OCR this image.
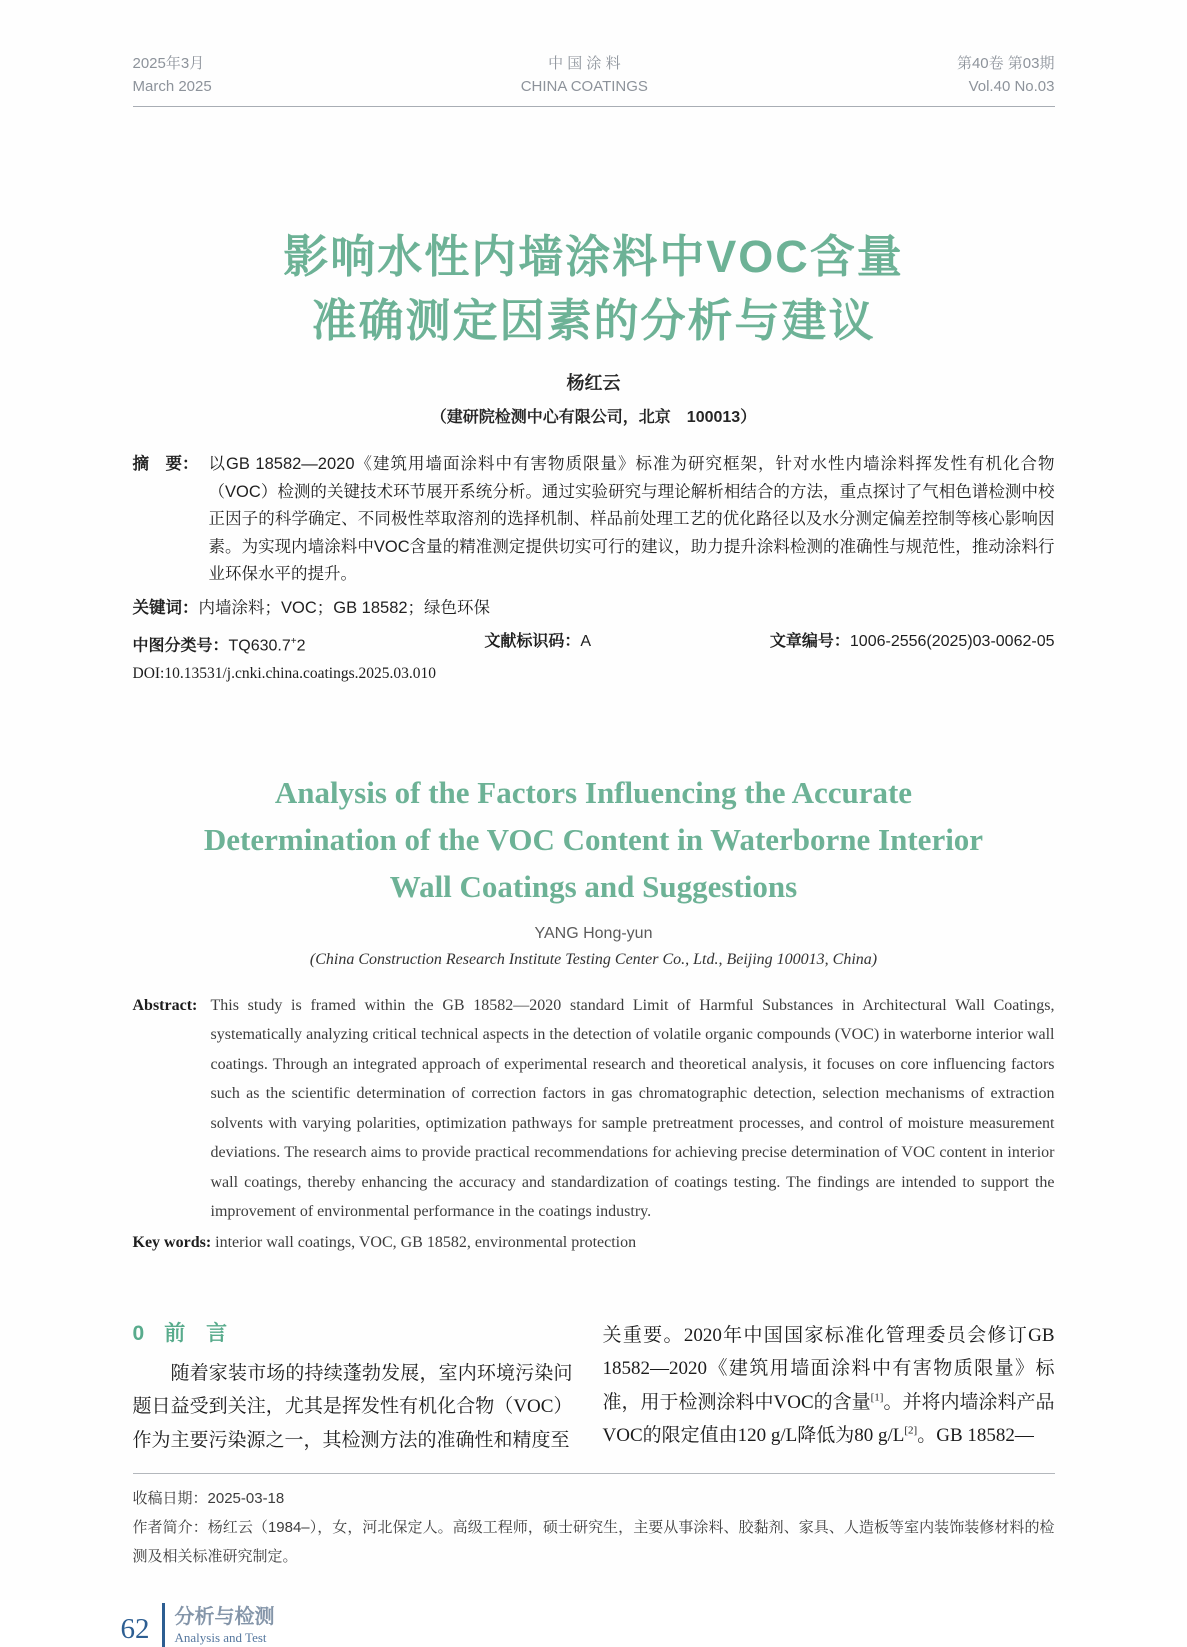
2025年3月
March 2025
中 国 涂 料
CHINA COATINGS
第40卷 第03期
Vol.40 No.03
影响水性内墙涂料中VOC含量
准确测定因素的分析与建议
杨红云
（建研院检测中心有限公司，北京　100013）
摘　要： 以GB 18582—2020《建筑用墙面涂料中有害物质限量》标准为研究框架，针对水性内墙涂料挥发性有机化合物（VOC）检测的关键技术环节展开系统分析。通过实验研究与理论解析相结合的方法，重点探讨了气相色谱检测中校正因子的科学确定、不同极性萃取溶剂的选择机制、样品前处理工艺的优化路径以及水分测定偏差控制等核心影响因素。为实现内墙涂料中VOC含量的精准测定提供切实可行的建议，助力提升涂料检测的准确性与规范性，推动涂料行业环保水平的提升。
关键词：内墙涂料；VOC；GB 18582；绿色环保
中图分类号：TQ630.7+2	文献标识码：A	文章编号：1006-2556(2025)03-0062-05
DOI:10.13531/j.cnki.china.coatings.2025.03.010
Analysis of the Factors Influencing the Accurate
Determination of the VOC Content in Waterborne Interior
Wall Coatings and Suggestions
YANG Hong-yun
(China Construction Research Institute Testing Center Co., Ltd., Beijing 100013, China)
Abstract: This study is framed within the GB 18582—2020 standard Limit of Harmful Substances in Architectural Wall Coatings, systematically analyzing critical technical aspects in the detection of volatile organic compounds (VOC) in waterborne interior wall coatings. Through an integrated approach of experimental research and theoretical analysis, it focuses on core influencing factors such as the scientific determination of correction factors in gas chromatographic detection, selection mechanisms of extraction solvents with varying polarities, optimization pathways for sample pretreatment processes, and control of moisture measurement deviations. The research aims to provide practical recommendations for achieving precise determination of VOC content in interior wall coatings, thereby enhancing the accuracy and standardization of coatings testing. The findings are intended to support the improvement of environmental performance in the coatings industry.
Key words: interior wall coatings, VOC, GB 18582, environmental protection
0 前　言

随着家装市场的持续蓬勃发展，室内环境污染问题日益受到关注，尤其是挥发性有机化合物（VOC）作为主要污染源之一，其检测方法的准确性和精度至

关重要。2020年中国国家标准化管理委员会修订GB 18582—2020《建筑用墙面涂料中有害物质限量》标准，用于检测涂料中VOC的含量[1]。并将内墙涂料产品VOC的限定值由120 g/L降低为80 g/L[2]。GB 18582—

收稿日期：2025-03-18
作者简介：杨红云（1984–），女，河北保定人。高级工程师，硕士研究生，主要从事涂料、胶黏剂、家具、人造板等室内装饰装修材料的检测及相关标准研究制定。
62	分析与检测
Analysis and Test
